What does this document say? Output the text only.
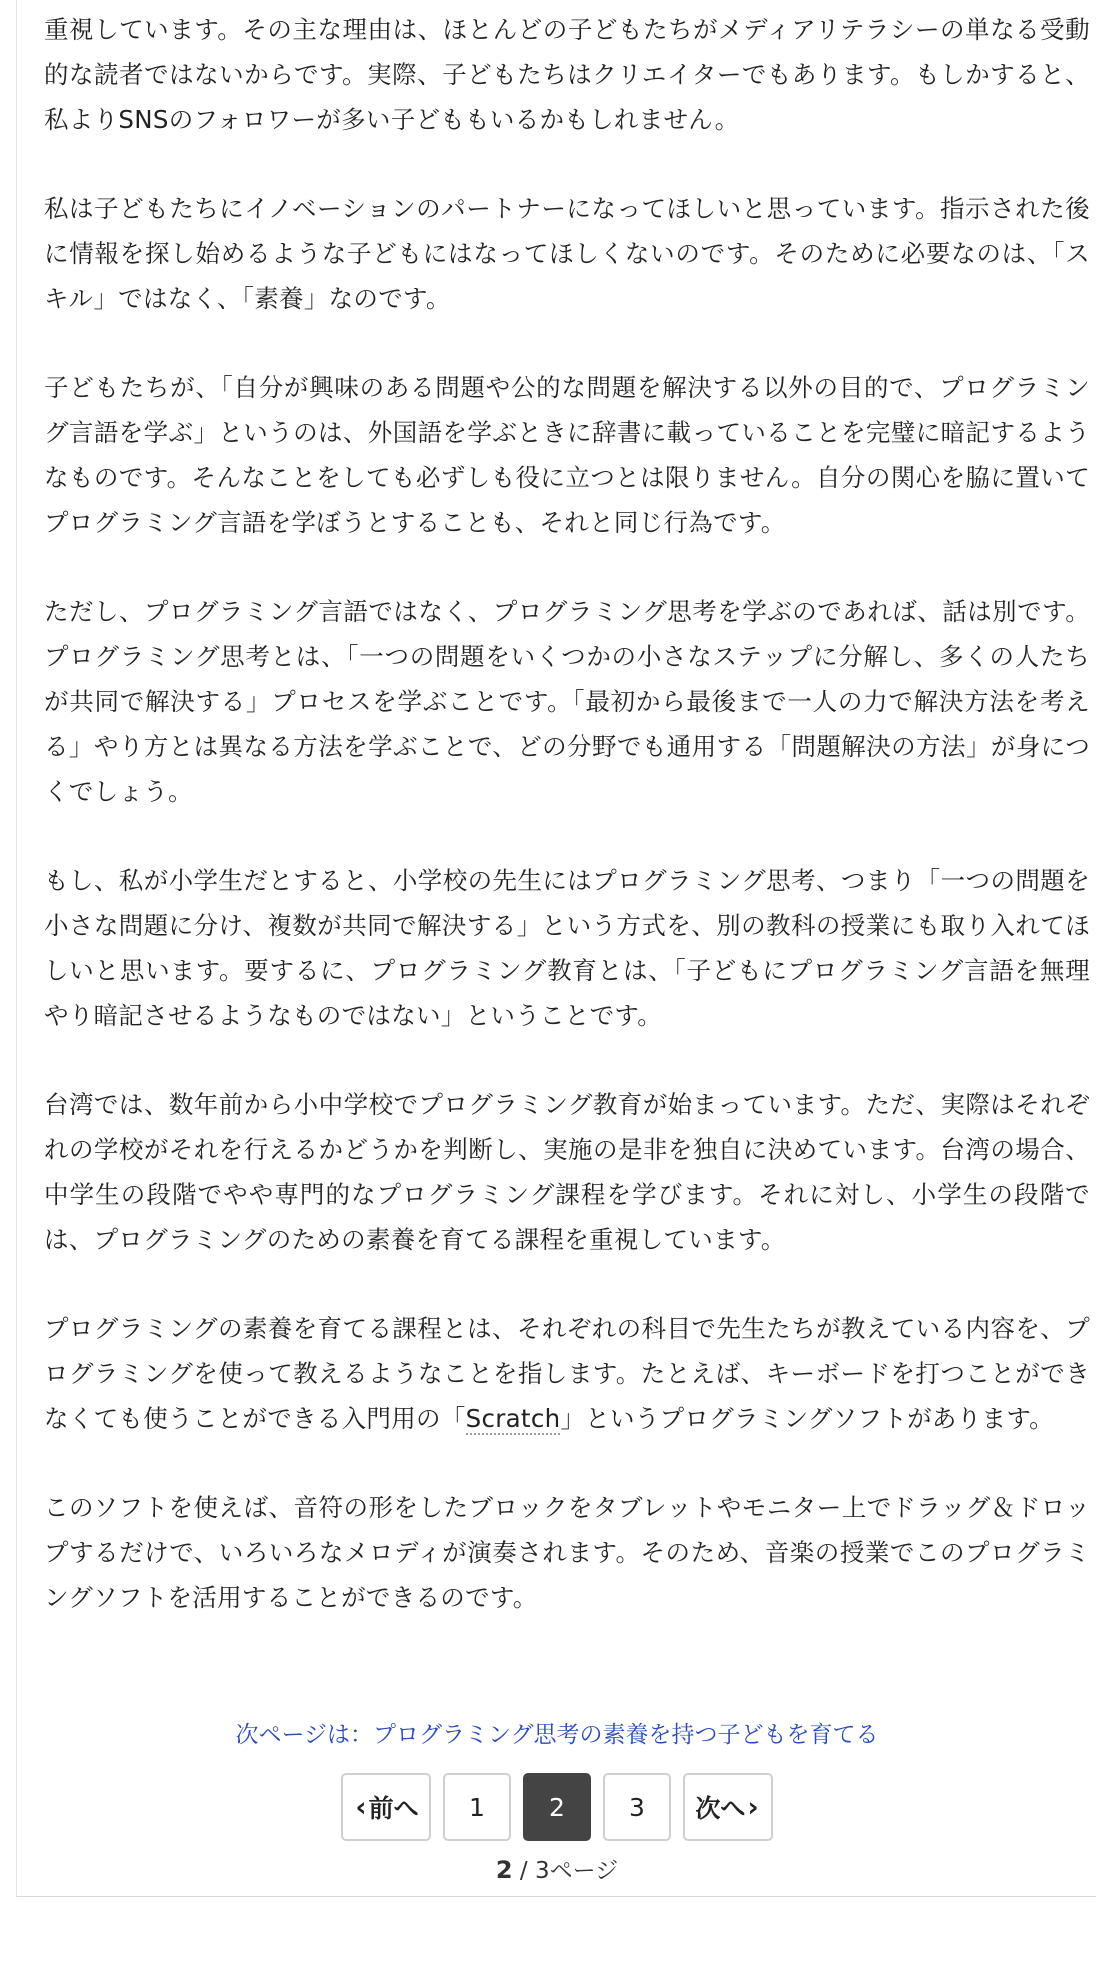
重視しています。その主な理由は、ほとんどの子どもたちがメディアリテラシーの単なる受動的な読者ではないからです。実際、子どもたちはクリエイターでもあります。もしかすると、私よりSNSのフォロワーが多い子どももいるかもしれません。

私は子どもたちにイノベーションのパートナーになってほしいと思っています。指示された後に情報を探し始めるような子どもにはなってほしくないのです。そのために必要なのは、「スキル」ではなく、「素養」なのです。

子どもたちが、「自分が興味のある問題や公的な問題を解決する以外の目的で、プログラミング言語を学ぶ」というのは、外国語を学ぶときに辞書に載っていることを完璧に暗記するようなものです。そんなことをしても必ずしも役に立つとは限りません。自分の関心を脇に置いてプログラミング言語を学ぼうとすることも、それと同じ行為です。

ただし、プログラミング言語ではなく、プログラミング思考を学ぶのであれば、話は別です。プログラミング思考とは、「一つの問題をいくつかの小さなステップに分解し、多くの人たちが共同で解決する」プロセスを学ぶことです。「最初から最後まで一人の力で解決方法を考える」やり方とは異なる方法を学ぶことで、どの分野でも通用する「問題解決の方法」が身につくでしょう。

もし、私が小学生だとすると、小学校の先生にはプログラミング思考、つまり「一つの問題を小さな問題に分け、複数が共同で解決する」という方式を、別の教科の授業にも取り入れてほしいと思います。要するに、プログラミング教育とは、「子どもにプログラミング言語を無理やり暗記させるようなものではない」ということです。

台湾では、数年前から小中学校でプログラミング教育が始まっています。ただ、実際はそれぞれの学校がそれを行えるかどうかを判断し、実施の是非を独自に決めています。台湾の場合、中学生の段階でやや専門的なプログラミング課程を学びます。それに対し、小学生の段階では、プログラミングのための素養を育てる課程を重視しています。

プログラミングの素養を育てる課程とは、それぞれの科目で先生たちが教えている内容を、プログラミングを使って教えるようなことを指します。たとえば、キーボードを打つことができなくても使うことができる入門用の「Scratch」というプログラミングソフトがあります。

このソフトを使えば、音符の形をしたブロックをタブレットやモニター上でドラッグ＆ドロップするだけで、いろいろなメロディが演奏されます。そのため、音楽の授業でこのプログラミングソフトを活用することができるのです。

次ページは：プログラミング思考の素養を持つ子どもを育てる
‹ 前へ	1	2	3	次へ ›
2 / 3ページ
